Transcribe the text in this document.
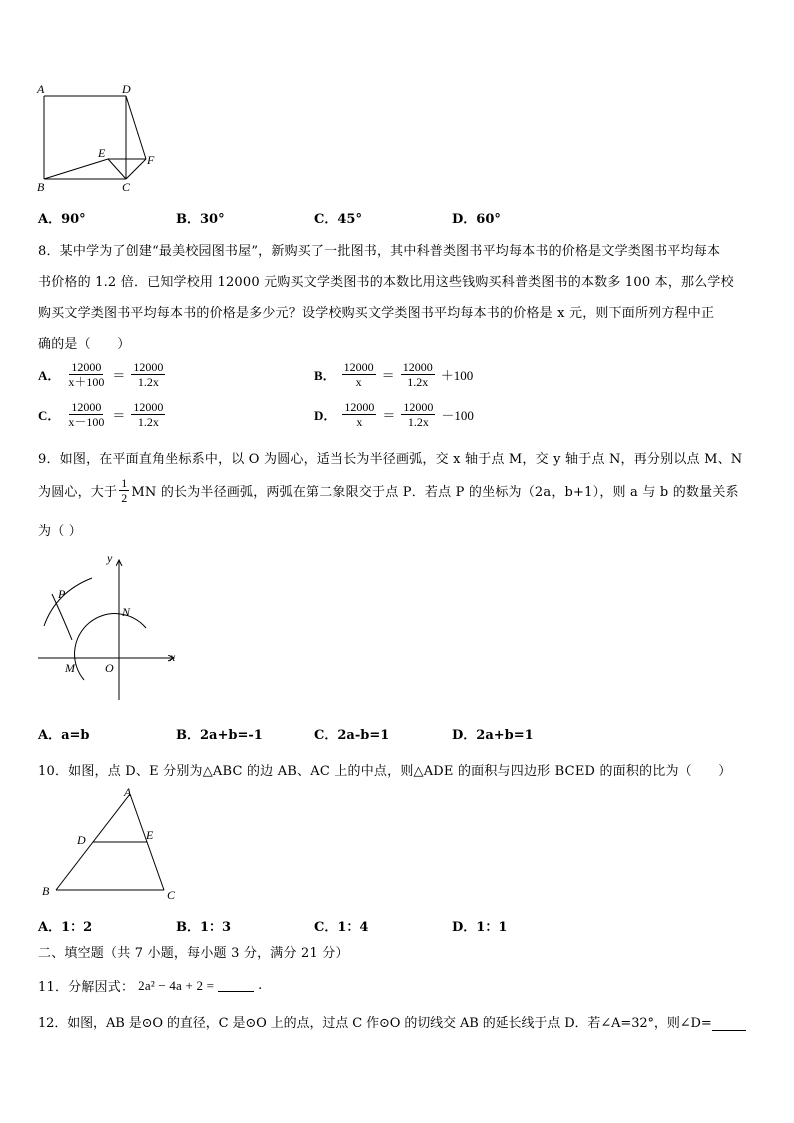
A	D
E	F
B	C
A．90°	B．30°	C．45°	D．60°
8．某中学为了创建“最美校园图书屋”，新购买了一批图书，其中科普类图书平均每本书的价格是文学类图书平均每本
书价格的 1.2 倍．已知学校用 12000 元购买文学类图书的本数比用这些钱购买科普类图书的本数多 100 本，那么学校
购买文学类图书平均每本书的价格是多少元？设学校购买文学类图书平均每本书的价格是 x 元，则下面所列方程中正
确的是（　　）
A． $\frac{12000}{x+100} = \frac{12000}{1.2x}$	B． $\frac{12000}{x} = \frac{12000}{1.2x} +100$
C． $\frac{12000}{x-100} = \frac{12000}{1.2x}$	D． $\frac{12000}{x} = \frac{12000}{1.2x} -100$
9．如图，在平面直角坐标系中，以 O 为圆心，适当长为半径画弧，交 x 轴于点 M，交 y 轴于点 N，再分别以点 M、N
为圆心，大于 $\frac{1}{2}$ MN 的长为半径画弧，两弧在第二象限交于点 P．若点 P 的坐标为（2a，b+1），则 a 与 b 的数量关系
为（ ）
y
x
P
N
M	O
A．a=b	B．2a+b=-1	C．2a-b=1	D．2a+b=1
10．如图，点 D、E 分别为△ABC 的边 AB、AC 上的中点，则△ADE 的面积与四边形 BCED 的面积的比为（　　）
A
D	E
B	C
A．1：2	B．1：3	C．1：4	D．1：1
二、填空题（共 7 小题，每小题 3 分，满分 21 分）
11．分解因式： 2a² − 4a + 2 =	.
12．如图，AB 是⊙O 的直径，C 是⊙O 上的点，过点 C 作⊙O 的切线交 AB 的延长线于点 D．若∠A=32°，则∠D=
